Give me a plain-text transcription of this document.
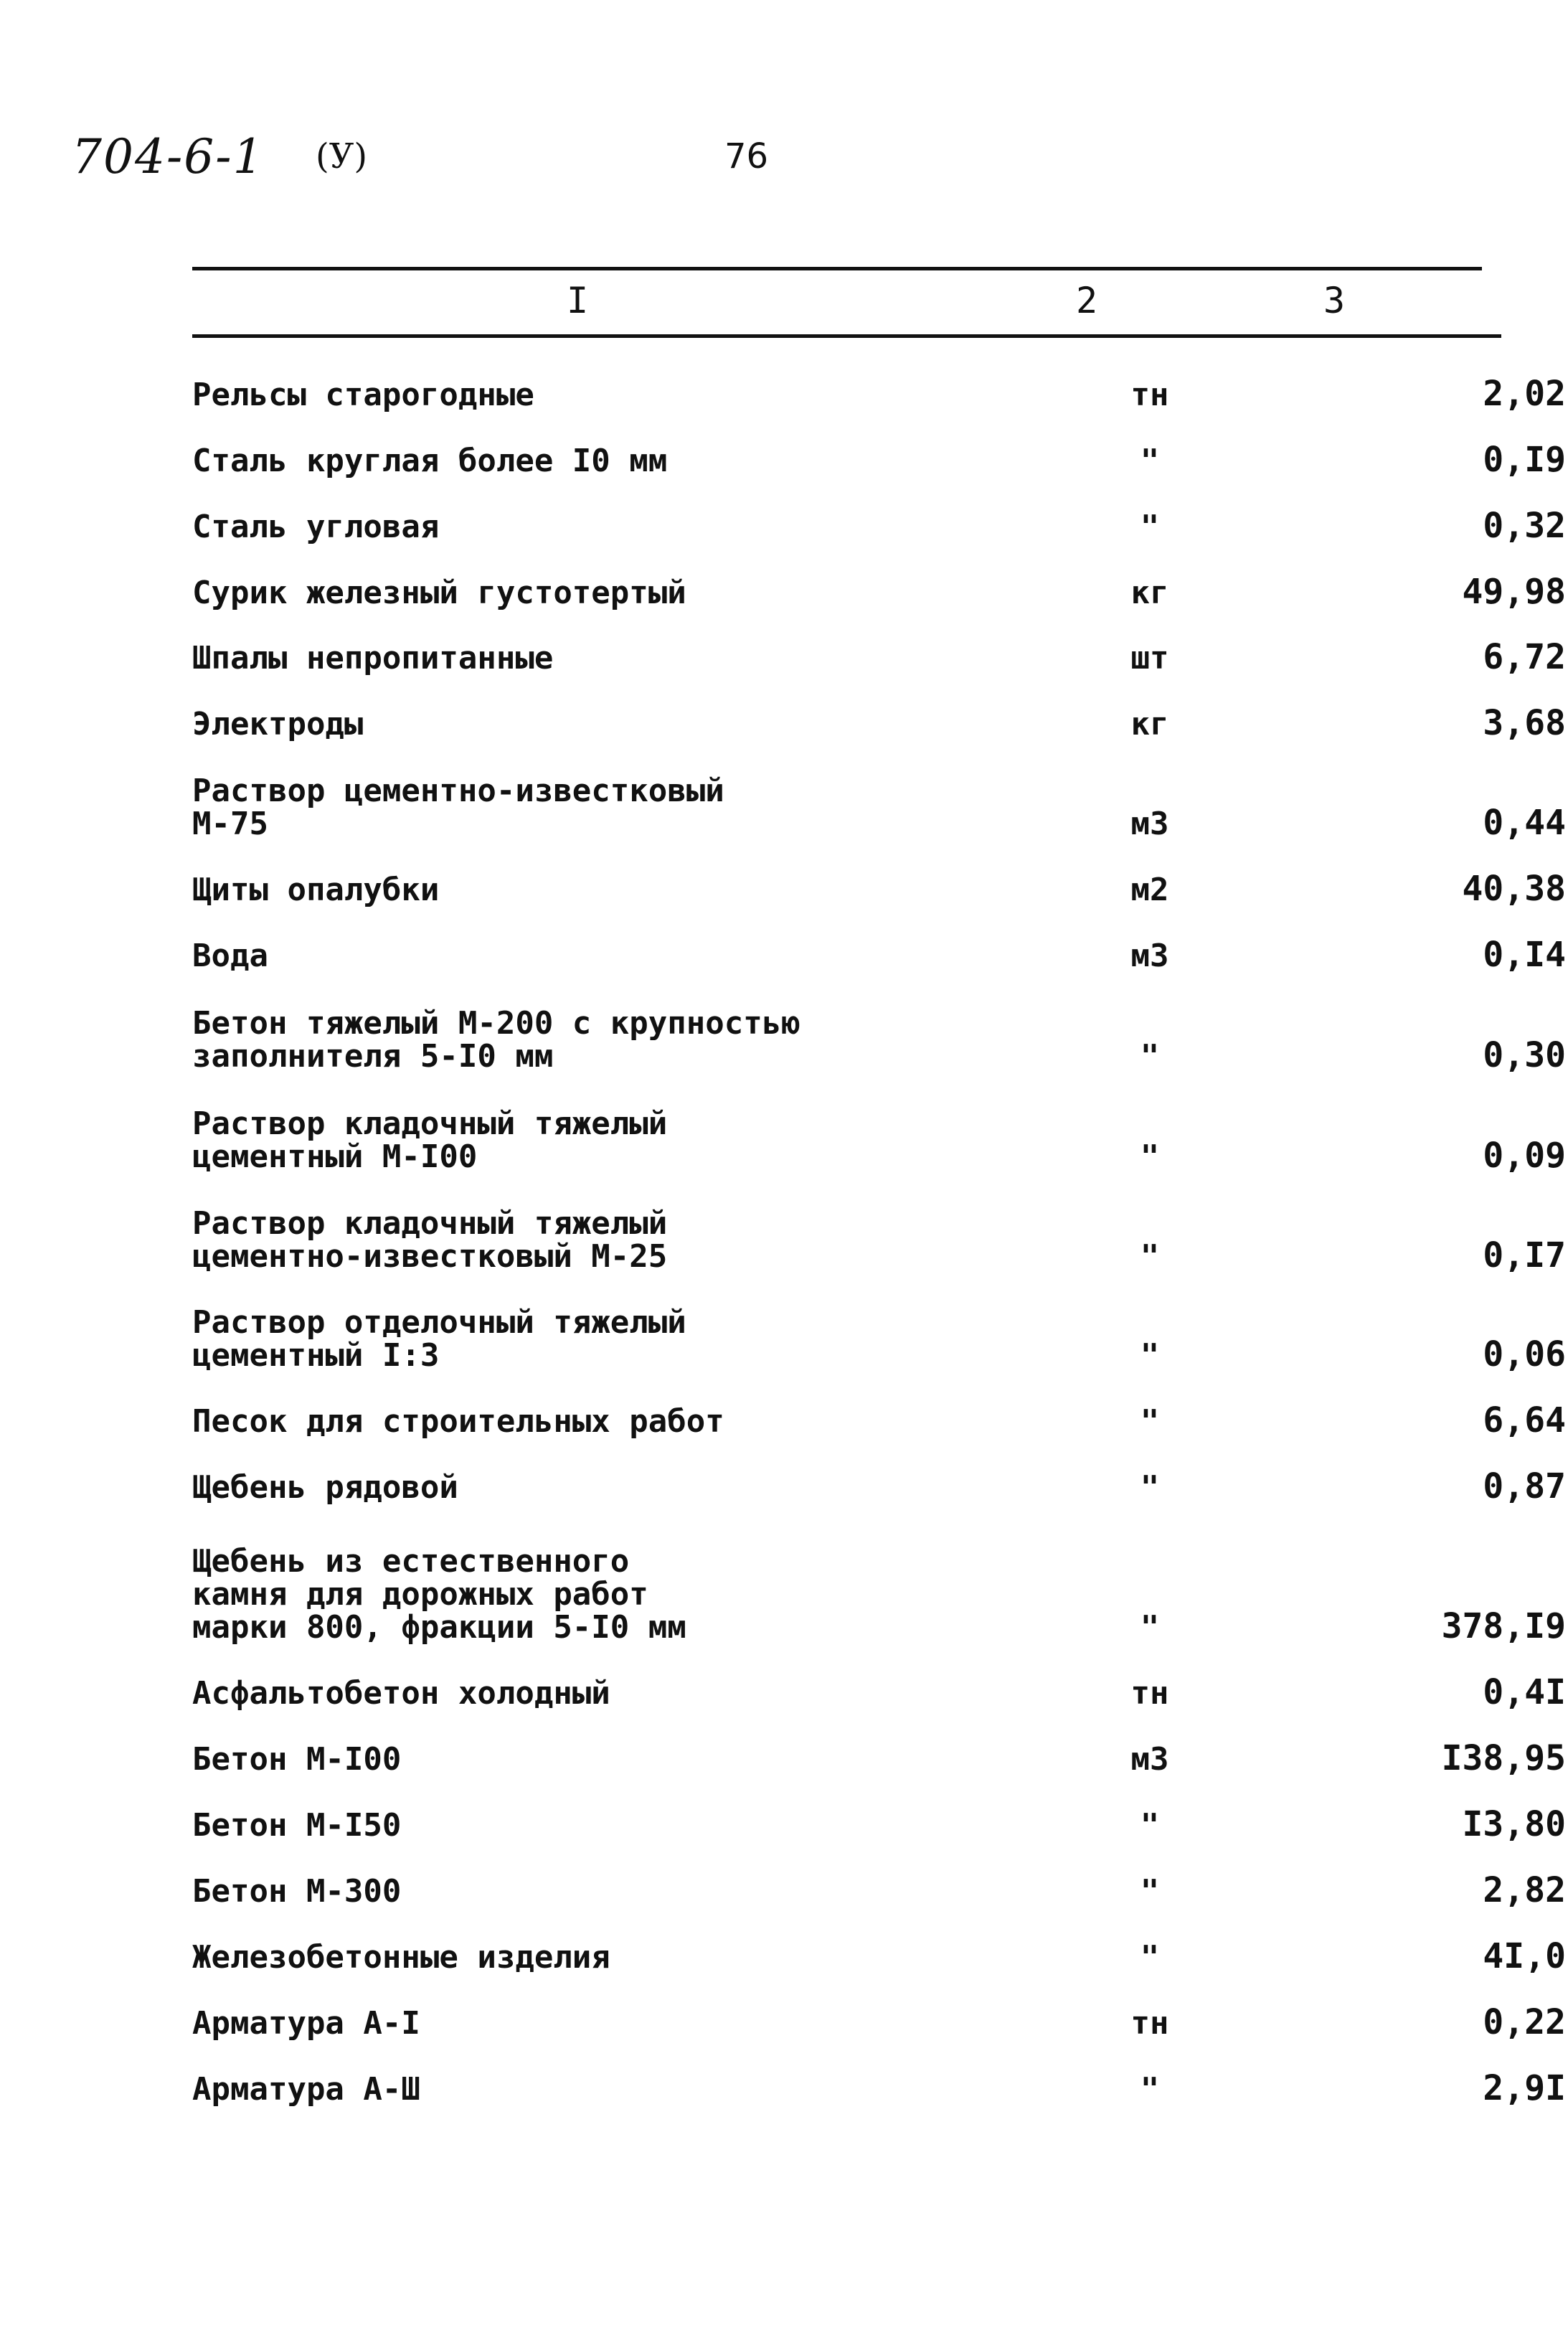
704-6-1 (У)	76
I	2	3
Рельсы старогодные	тн	2,02
Сталь круглая более I0 мм	"	0,I9
Сталь угловая	"	0,32
Сурик железный густотертый	кг	49,98
Шпалы непропитанные	шт	6,72
Электроды	кг	3,68
Раствор цементно-известковый
М-75	м3	0,44
Щиты опалубки	м2	40,38
Вода	м3	0,I4
Бетон тяжелый М-200 с крупностью
заполнителя 5-I0 мм	"	0,30
Раствор кладочный тяжелый
цементный М-I00	"	0,09
Раствор кладочный тяжелый
цементно-известковый М-25	"	0,I7
Раствор отделочный тяжелый
цементный I:3	"	0,06
Песок для строительных работ	"	6,64
Щебень рядовой	"	0,87
Щебень из естественного
камня для дорожных работ
марки 800, фракции 5-I0 мм	"	378,I9
Асфальтобетон холодный	тн	0,4I
Бетон М-I00	м3	I38,95
Бетон М-I50	"	I3,80
Бетон М-300	"	2,82
Железобетонные изделия	"	4I,0
Арматура А-I	тн	0,22
Арматура А-Ш	"	2,9I
